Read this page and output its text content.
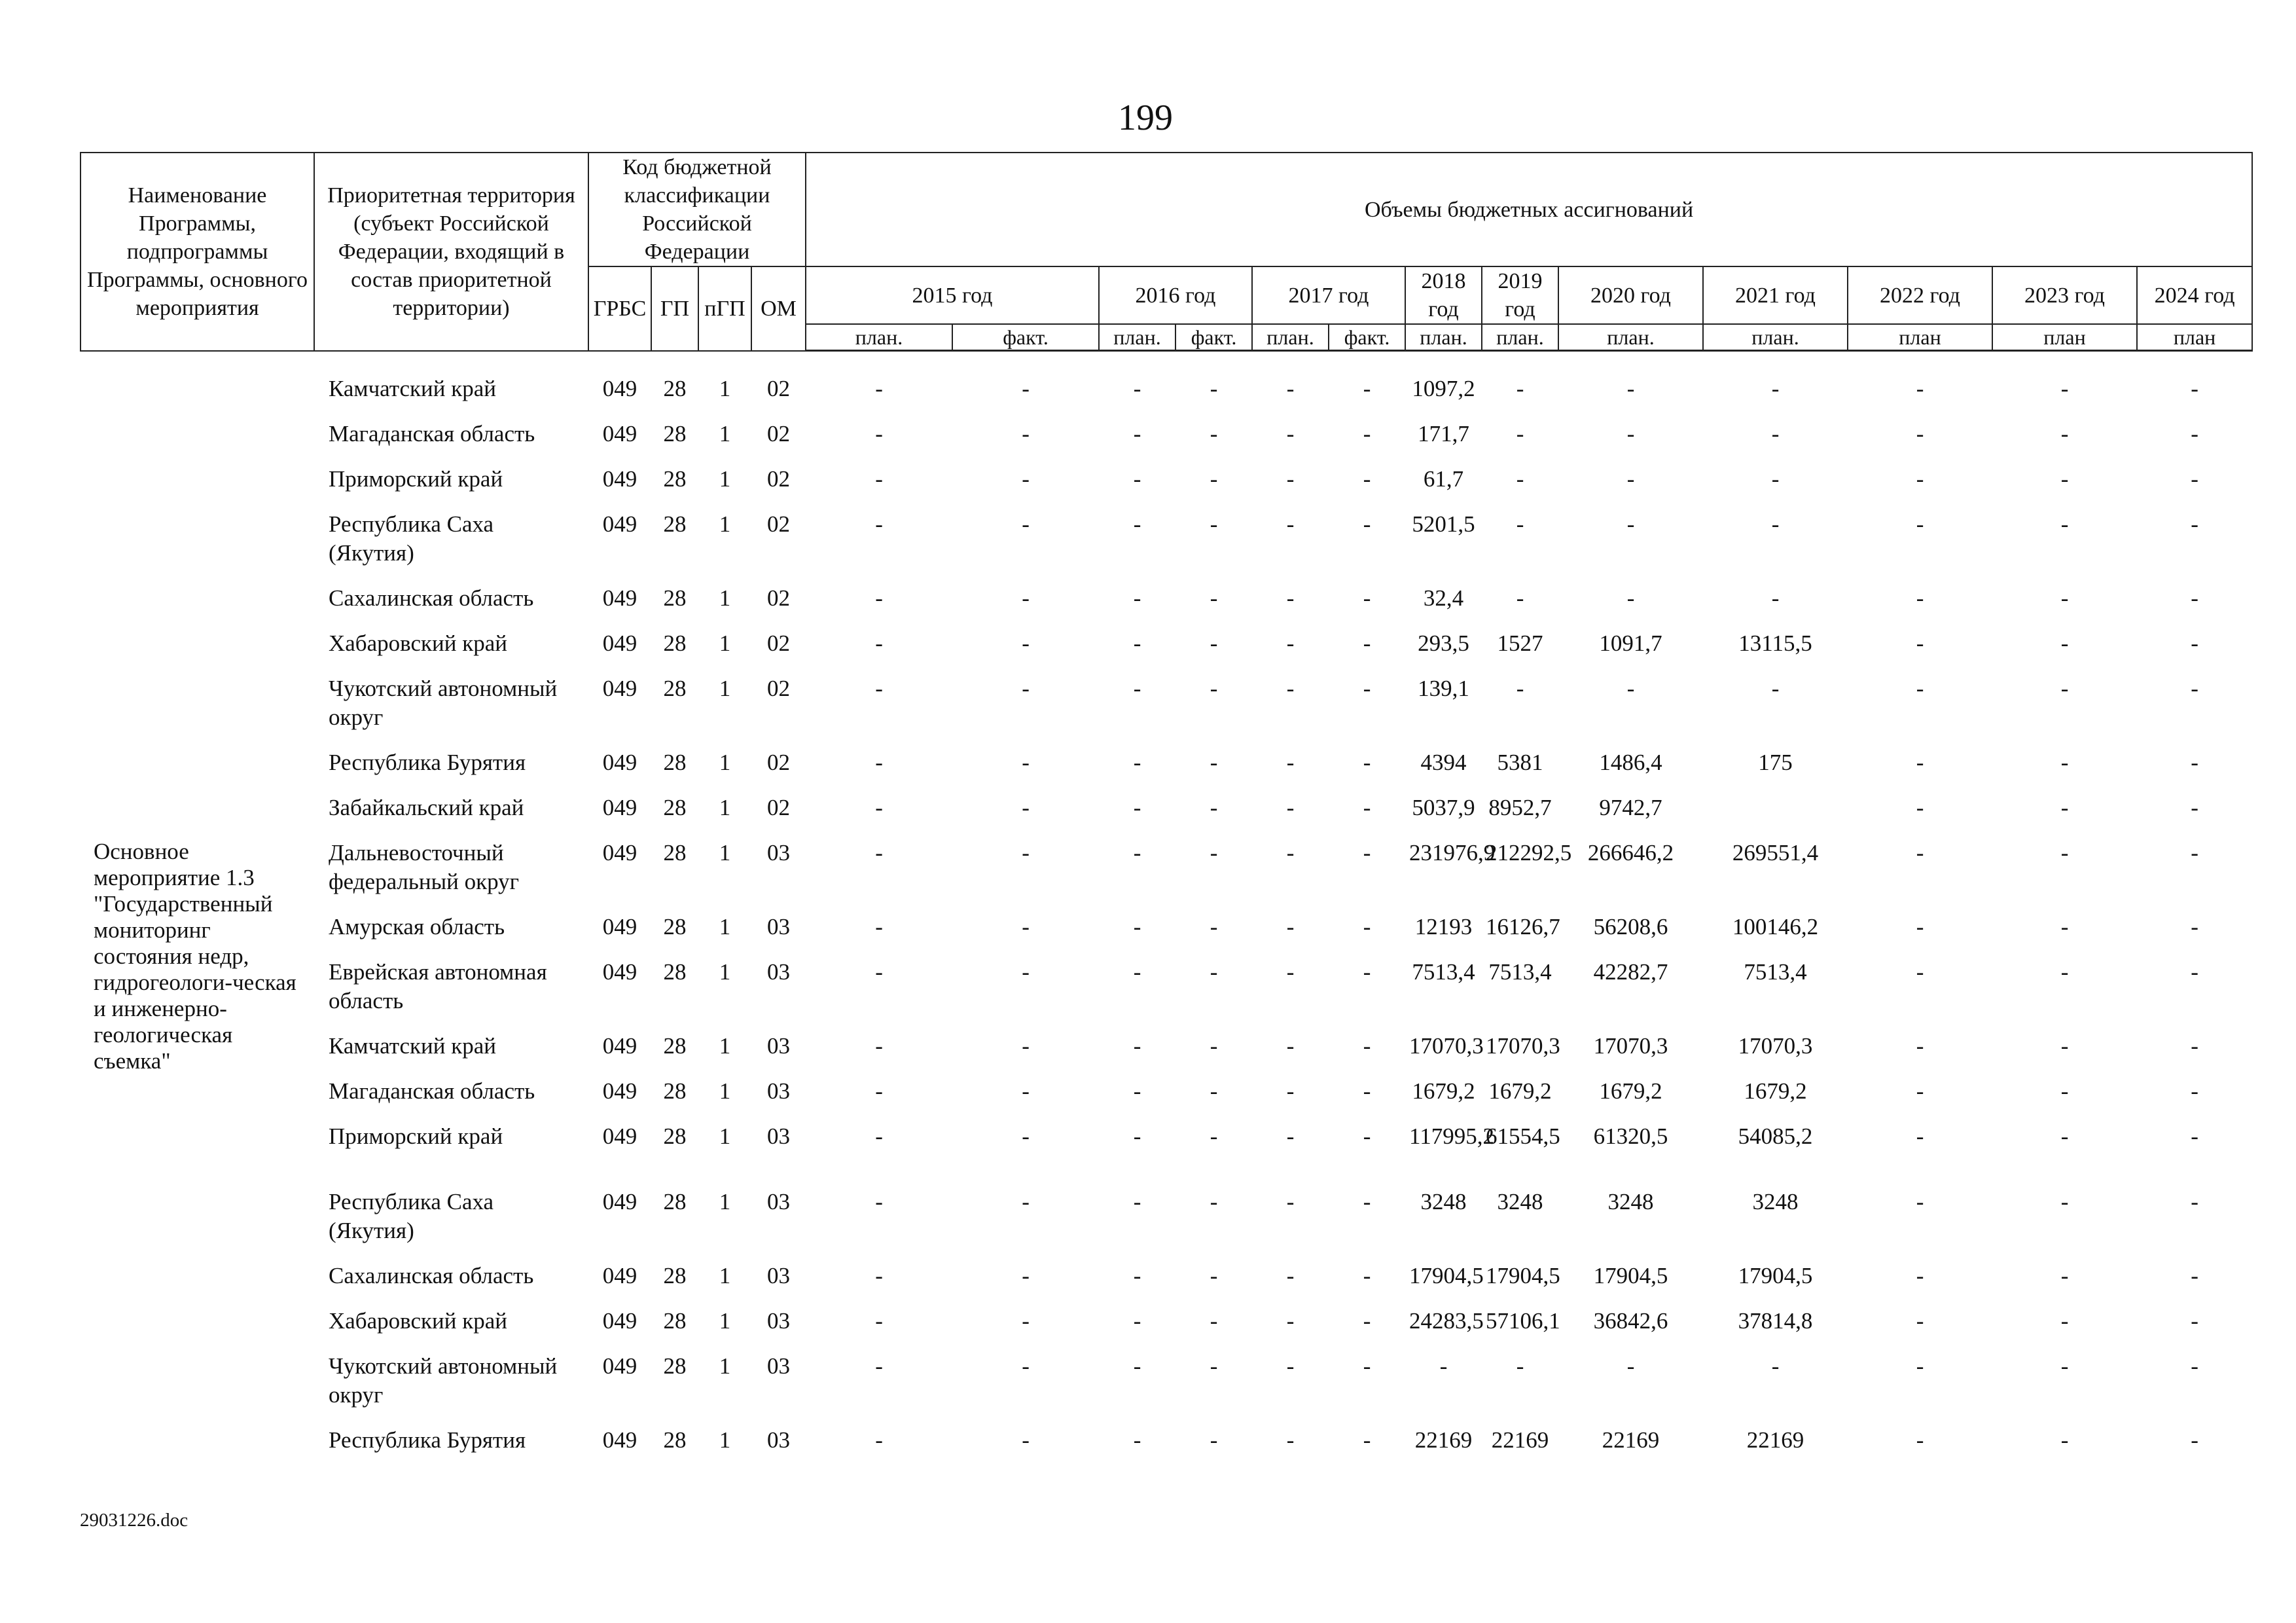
199
Наименование Программы, подпрограммы Программы, основного мероприятия	Приоритетная территория (субъект Российской Федерации, входящий в состав приоритетной территории)	Код бюджетной классификации Российской Федерации				Объемы бюджетных ассигнований												
		ГРБС	ГП	пГП	ОМ	2015 год		2016 год		2017 год		2018 год	2019 год	2020 год	2021 год	2022 год	2023 год	2024 год
						план.	факт.	план.	факт.	план.	факт.	план.	план.	план.	план.	план	план	план

	Камчатский край	049	28	1	02	-	-	-	-	-	-	1097,2	-	-	-	-	-	-
	Магаданская область	049	28	1	02	-	-	-	-	-	-	171,7	-	-	-	-	-	-
	Приморский край	049	28	1	02	-	-	-	-	-	-	61,7	-	-	-	-	-	-
	Республика Саха (Якутия)	049	28	1	02	-	-	-	-	-	-	5201,5	-	-	-	-	-	-
	Сахалинская область	049	28	1	02	-	-	-	-	-	-	32,4	-	-	-	-	-	-
	Хабаровский край	049	28	1	02	-	-	-	-	-	-	293,5	1527	1091,7	13115,5	-	-	-
	Чукотский автономный округ	049	28	1	02	-	-	-	-	-	-	139,1	-	-	-	-	-	-
	Республика Бурятия	049	28	1	02	-	-	-	-	-	-	4394	5381	1486,4	175	-	-	-
	Забайкальский край	049	28	1	02	-	-	-	-	-	-	5037,9	8952,7	9742,7		-	-	-
Основное мероприятие 1.3 "Государственный мониторинг состояния недр, гидрогеологи-ческая и инженерно-геологическая съемка"	Дальневосточный федеральный округ	049	28	1	03	-	-	-	-	-	-	231976,9	212292,5	266646,2	269551,4	-	-	-
	Амурская область	049	28	1	03	-	-	-	-	-	-	12193	16126,7	56208,6	100146,2	-	-	-
	Еврейская автономная область	049	28	1	03	-	-	-	-	-	-	7513,4	7513,4	42282,7	7513,4	-	-	-
	Камчатский край	049	28	1	03	-	-	-	-	-	-	17070,3	17070,3	17070,3	17070,3	-	-	-
	Магаданская область	049	28	1	03	-	-	-	-	-	-	1679,2	1679,2	1679,2	1679,2	-	-	-
	Приморский край	049	28	1	03	-	-	-	-	-	-	117995,2	61554,5	61320,5	54085,2	-	-	-
	Республика Саха (Якутия)	049	28	1	03	-	-	-	-	-	-	3248	3248	3248	3248	-	-	-
	Сахалинская область	049	28	1	03	-	-	-	-	-	-	17904,5	17904,5	17904,5	17904,5	-	-	-
	Хабаровский край	049	28	1	03	-	-	-	-	-	-	24283,5	57106,1	36842,6	37814,8	-	-	-
	Чукотский автономный округ	049	28	1	03	-	-	-	-	-	-	-	-	-	-	-	-	-
	Республика Бурятия	049	28	1	03	-	-	-	-	-	-	22169	22169	22169	22169	-	-	-
29031226.doc
